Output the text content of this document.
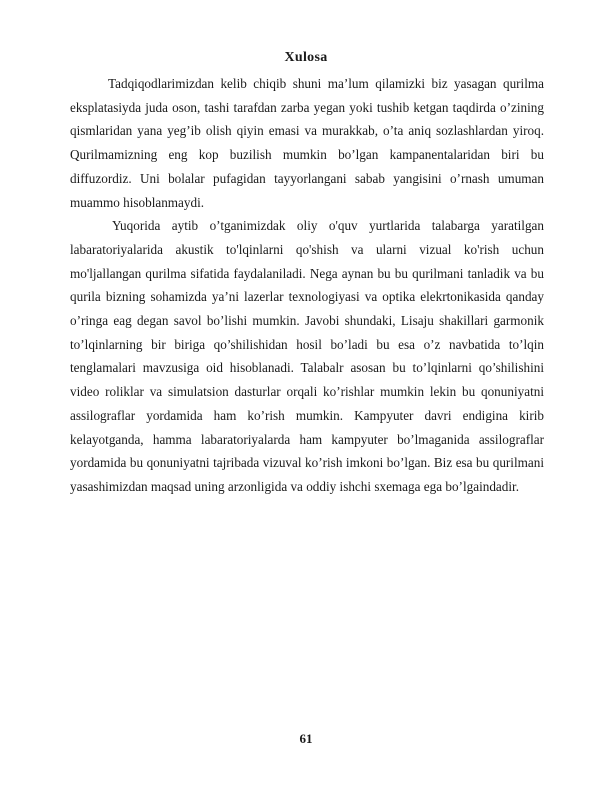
Xulosa

Tadqiqodlarimizdan kelib chiqib shuni ma’lum qilamizki biz yasagan qurilma eksplatasiyda juda oson, tashi tarafdan zarba yegan yoki tushib ketgan taqdirda o’zining qismlaridan yana yeg’ib olish qiyin emasi va murakkab, o’ta aniq sozlashlardan yiroq. Qurilmamizning eng kop buzilish mumkin bo’lgan kampanentalaridan biri bu diffuzordiz. Uni bolalar pufagidan tayyorlangani sabab yangisini o’rnash umuman muammo hisoblanmaydi.

Yuqorida aytib o’tganimizdak oliy o'quv yurtlarida talabarga yaratilgan labaratoriyalarida akustik to'lqinlarni qo'shish va ularni vizual ko'rish uchun mo'ljallangan qurilma sifatida faydalaniladi. Nega aynan bu bu qurilmani tanladik va bu qurila bizning sohamizda ya’ni lazerlar texnologiyasi va optika elekrtonikasida qanday o’ringa eag degan savol bo’lishi mumkin. Javobi shundaki, Lisaju shakillari garmonik to’lqinlarning bir biriga qo’shilishidan hosil bo’ladi bu esa o’z navbatida to’lqin tenglamalari mavzusiga oid hisoblanadi. Talabalr asosan bu to’lqinlarni qo’shilishini video roliklar va simulatsion dasturlar orqali ko’rishlar mumkin lekin bu qonuniyatni assilograflar yordamida ham ko’rish mumkin. Kampyuter davri endigina kirib kelayotganda, hamma labaratoriyalarda ham kampyuter bo’lmaganida assilograflar yordamida bu qonuniyatni tajribada vizuval ko’rish imkoni bo’lgan. Biz esa bu qurilmani yasashimizdan maqsad uning arzonligida va oddiy ishchi sxemaga ega bo’lgaindadir.

61
